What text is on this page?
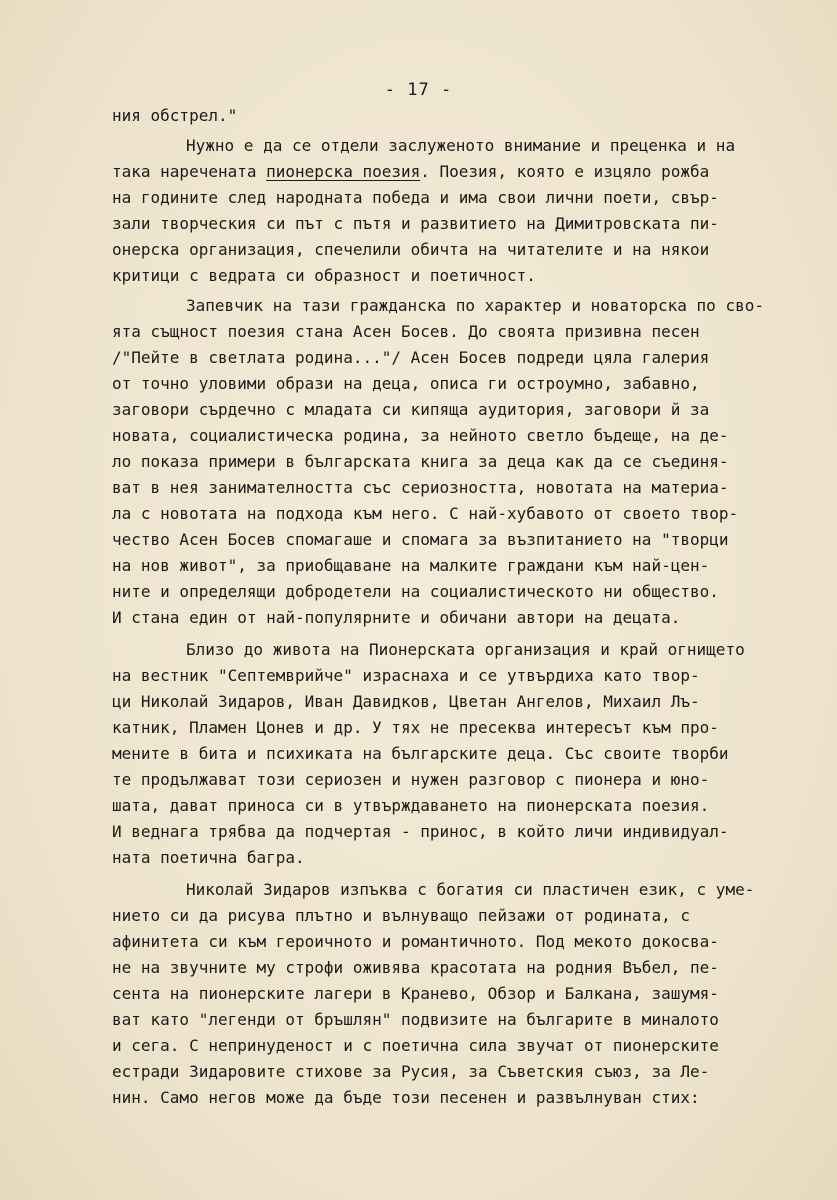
- 17 -
ния обстрел."
Нужно е да се отдели заслуженото внимание и преценка и на
така наречената пионерска поезия. Поезия, която е изцяло рожба
на годините след народната победа и има свои лични поети, свър-
зали творческия си път с пътя и развитието на Димитровската пи-
онерска организация, спечелили обичта на читателите и на някои
критици с ведрата си образност и поетичност.
Запевчик на тази гражданска по характер и новаторска по сво-
ята същност поезия стана Асен Босев. До своята призивна песен
/"Пейте в светлата родина..."/ Асен Босев подреди цяла галерия
от точно уловими образи на деца, описа ги остроумно, забавно,
заговори сърдечно с младата си кипяща аудитория, заговори й за
новата, социалистическа родина, за нейното светло бъдеще, на де-
ло показа примери в българската книга за деца как да се съединя-
ват в нея занимателността със сериозността, новотата на материа-
ла с новотата на подхода към него. С най-хубавото от своето твор-
чество Асен Босев спомагаше и спомага за възпитанието на "творци
на нов живот", за приобщаване на малките граждани към най-цен-
ните и определящи добродетели на социалистическото ни общество.
И стана един от най-популярните и обичани автори на децата.
Близо до живота на Пионерската организация и край огнището
на вестник "Септемврийче" израснаха и се утвърдиха като твор-
ци Николай Зидаров, Иван Давидков, Цветан Ангелов, Михаил Лъ-
катник, Пламен Цонев и др. У тях не пресеква интересът към про-
мените в бита и психиката на българските деца. Със своите творби
те продължават този сериозен и нужен разговор с пионера и юно-
шата, дават приноса си в утвърждаването на пионерската поезия.
И веднага трябва да подчертая - принос, в който личи индивидуал-
ната поетична багра.
Николай Зидаров изпъква с богатия си пластичен език, с уме-
нието си да рисува плътно и вълнуващо пейзажи от родината, с
афинитета си към героичното и романтичното. Под мекото докосва-
не на звучните му строфи оживява красотата на родния Въбел, пе-
сента на пионерските лагери в Кранево, Обзор и Балкана, зашумя-
ват като "легенди от бръшлян" подвизите на българите в миналото
и сега. С непринуденост и с поетична сила звучат от пионерските
естради Зидаровите стихове за Русия, за Съветския съюз, за Ле-
нин. Само негов може да бъде този песенен и развълнуван стих:
